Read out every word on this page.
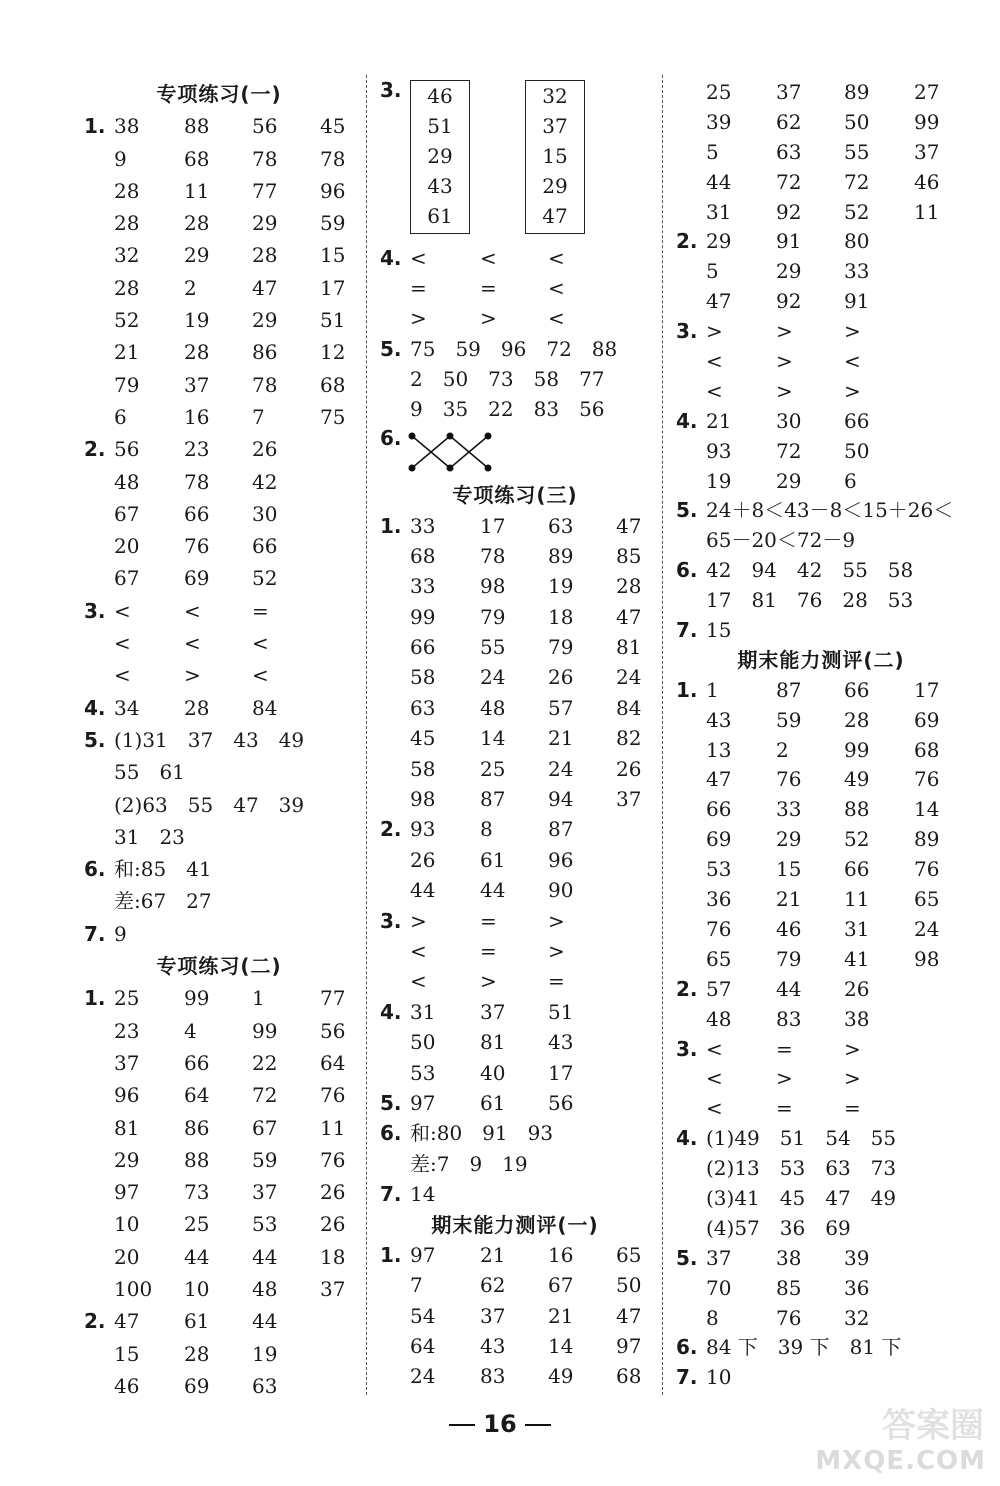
专项练习(一)
1. 38 88 56 45
9	68 78 78
28 11 77 96
28 28 29 59
32 29 28 15
28 2	47 17
52 19 29 51
21 28 86 12
79 37 78 68
6	16 7	75
2. 56 23 26
48 78 42
67 66 30
20 76 66
67 69 52
3. <	<	=
<	<	<
<	>	<
4. 34 28 84
5. (1)31　37　43　49
55　61
(2)63　55　47　39
31　23
6. 和:85　41
差:67　27
7. 9
专项练习(二)
1. 25 99 1	77
23 4	99 56
37 66 22 64
96 64 72 76
81 86 67 11
29 88 59 76
97 73 37 26
10 25 53 26
20 44 44 18
100 10 48 37
2. 47 61 44
15 28 19
46 69 63
3.	46
51
29
43
61
32
37
15
29
47
4. <	<	<
=	=	<
>	>	<
5. 75　59　96　72　88
2　50　73　58　77
9　35　22　83　56
6.
专项练习(三)
1. 33 17 63 47
68 78 89 85
33 98 19 28
99 79 18 47
66 55 79 81
58 24 26 24
63 48 57 84
45 14 21 82
58 25 24 26
98 87 94 37
2. 93 8	87
26 61 96
44 44 90
3. >	=	>
<	=	>
<	>	=
4. 31 37 51
50 81 43
53 40 17
5. 97 61 56
6. 和:80　91　93
差:7　9　19
7. 14
期末能力测评(一)
1. 97 21 16 65
7	62 67 50
54 37 21 47
64 43 14 97
24 83 49 68
25 37 89 27
39 62 50 99
5	63 55 37
44 72 72 46
31 92 52 11
2. 29 91 80
5	29 33
47 92 91
3. >	>	>
<	>	<
<	>	>
4. 21 30 66
93 72 50
19 29 6
5. 24＋8＜43－8＜15＋26＜
65－20＜72－9
6. 42　94　42　55　58
17　81　76　28　53
7. 15
期末能力测评(二)
1. 1	87 66 17
43 59 28 69
13 2	99 68
47 76 49 76
66 33 88 14
69 29 52 89
53 15 66 76
36 21 11 65
76 46 31 24
65 79 41 98
2. 57 44 26
48 83 38
3. <	=	>
<	>	>
<	=	=
4. (1)49　51　54　55
(2)13　53　63　73
(3)41　45　47　49
(4)57　36　69
5. 37 38 39
70 85 36
8	76 32
6. 84 下　39 下　81 下
7. 10
16	答案圈
MXQE.COM
